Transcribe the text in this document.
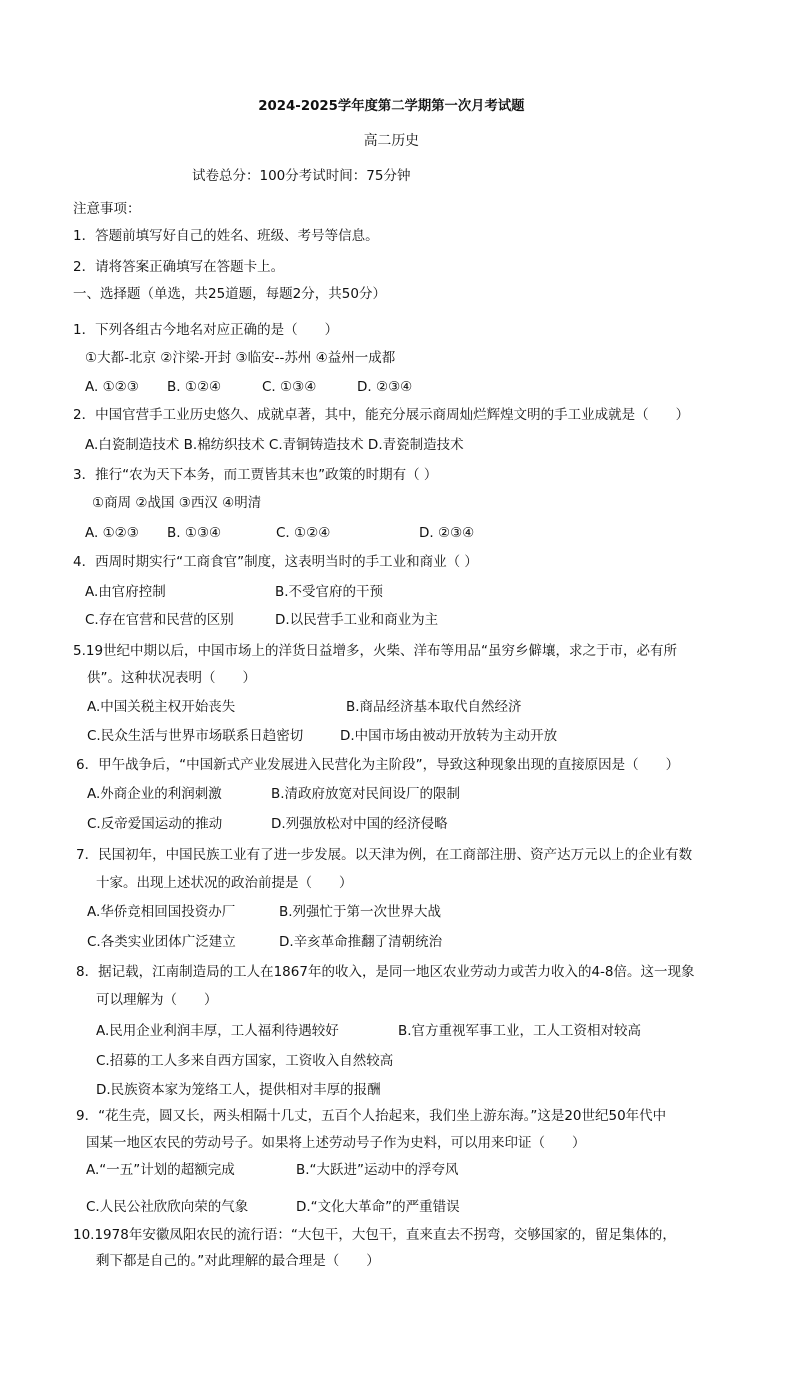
2024-2025学年度第二学期第一次月考试题
高二历史
试卷总分：100分考试时间：75分钟
注意事项：
1．答题前填写好自己的姓名、班级、考号等信息。
2．请将答案正确填写在答题卡上。
一、选择题（单选，共25道题，每题2分，共50分）
1．下列各组古今地名对应正确的是（　　）
①大都-北京 ②汴梁-开封 ③临安--苏州 ④益州一成都
A. ①②③ B. ①②④	C. ①③④	D. ②③④
2．中国官营手工业历史悠久、成就卓著，其中，能充分展示商周灿烂辉煌文明的手工业成就是（　　）
A.白瓷制造技术 B.棉纺织技术 C.青铜铸造技术 D.青瓷制造技术
3．推行“农为天下本务，而工贾皆其末也”政策的时期有（ ）
①商周 ②战国 ③西汉 ④明清
A. ①②③ B. ①③④	C. ①②④	D. ②③④
4．西周时期实行“工商食官”制度，这表明当时的手工业和商业（ ）
A.由官府控制	B.不受官府的干预
C.存在官营和民营的区别	D.以民营手工业和商业为主
5.19世纪中期以后，中国市场上的洋货日益增多，火柴、洋布等用品“虽穷乡僻壤，求之于市，必有所
供”。这种状况表明（　　）
A.中国关税主权开始丧失	B.商品经济基本取代自然经济
C.民众生活与世界市场联系日趋密切	D.中国市场由被动开放转为主动开放
6．甲午战争后，“中国新式产业发展进入民营化为主阶段”，导致这种现象出现的直接原因是（　　）
A.外商企业的利润刺激	B.清政府放宽对民间设厂的限制
C.反帝爱国运动的推动	D.列强放松对中国的经济侵略
7．民国初年，中国民族工业有了进一步发展。以天津为例，在工商部注册、资产达万元以上的企业有数
十家。出现上述状况的政治前提是（　　）
A.华侨竞相回国投资办厂	B.列强忙于第一次世界大战
C.各类实业团体广泛建立	D.辛亥革命推翻了清朝统治
8．据记载，江南制造局的工人在1867年的收入，是同一地区农业劳动力或苦力收入的4-8倍。这一现象
可以理解为（　　）
A.民用企业利润丰厚，工人福利待遇较好	B.官方重视军事工业，工人工资相对较高
C.招募的工人多来自西方国家，工资收入自然较高
D.民族资本家为笼络工人，提供相对丰厚的报酬
9．“花生壳，圆又长，两头相隔十几丈，五百个人抬起来，我们坐上游东海。”这是20世纪50年代中
国某一地区农民的劳动号子。如果将上述劳动号子作为史料，可以用来印证（　　）
A.“一五”计划的超额完成	B.“大跃进”运动中的浮夸风
C.人民公社欣欣向荣的气象	D.“文化大革命”的严重错误
10.1978年安徽凤阳农民的流行语：“大包干，大包干，直来直去不拐弯，交够国家的，留足集体的，
剩下都是自己的。”对此理解的最合理是（　　）
